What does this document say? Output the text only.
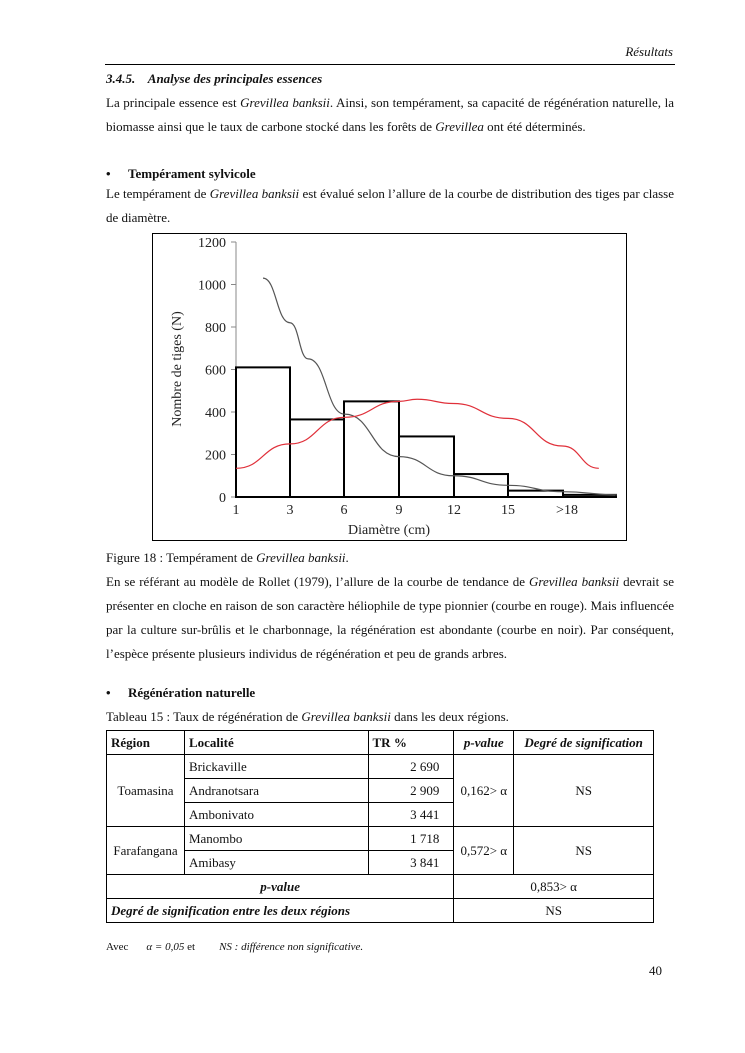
Résultats
3.4.5.    Analyse des principales essences
La principale essence est Grevillea banksii. Ainsi, son tempérament, sa capacité de régénération naturelle, la biomasse ainsi que le taux de carbone stocké dans les forêts de Grevillea ont été déterminés.
• Tempérament sylvicole
Le tempérament de Grevillea banksii est évalué selon l’allure de la courbe de distribution des tiges par classe de diamètre.
0
200
400
600
800
1000
1200
1	3	6	9	12	15	>18
Diamètre (cm)
Nombre de tiges (N)
Figure 18 : Tempérament de Grevillea banksii.
En se référant au modèle de Rollet (1979), l’allure de la courbe de tendance de Grevillea banksii devrait se présenter en cloche en raison de son caractère héliophile de type pionnier (courbe en rouge). Mais influencée par la culture sur-brûlis et le charbonnage, la régénération est abondante (courbe en noir). Par conséquent, l’espèce présente plusieurs individus de régénération et peu de grands arbres.
• Régénération naturelle
Tableau 15 : Taux de régénération de Grevillea banksii dans les deux régions.
Région	Localité	TR %	p-value	Degré de signification
Toamasina	Brickaville	2 690	0,162> α	NS
	Andranotsara	2 909		
	Ambonivato	3 441		
Farafangana	Manombo	1 718	0,572> α	NS
	Amibasy	3 841		
p-value			0,853> α	
Degré de signification entre les deux régions			NS	
Avec α = 0,05 et NS : différence non significative.
40
